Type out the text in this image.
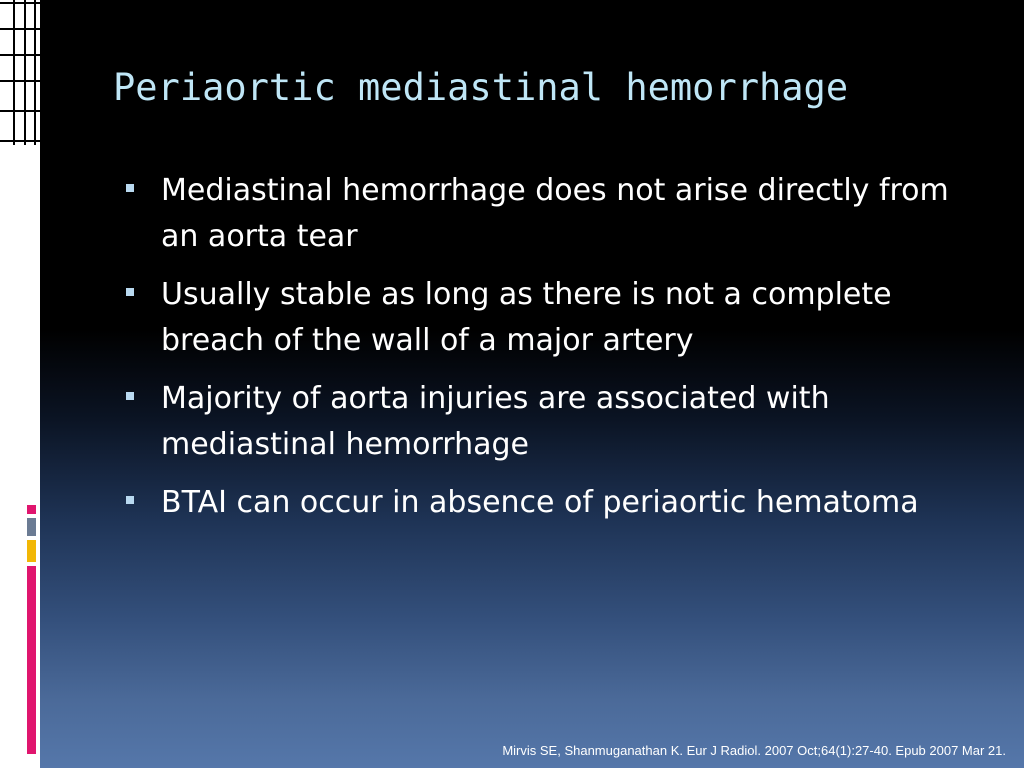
Periaortic mediastinal hemorrhage
Mediastinal hemorrhage does not arise directly from an aorta tear
Usually stable as long as there is not a complete breach of the wall of a major artery
Majority of aorta injuries are associated with mediastinal hemorrhage
BTAI can occur in absence of periaortic hematoma
Mirvis SE, Shanmuganathan K. Eur J Radiol. 2007 Oct;64(1):27-40. Epub 2007 Mar 21.
